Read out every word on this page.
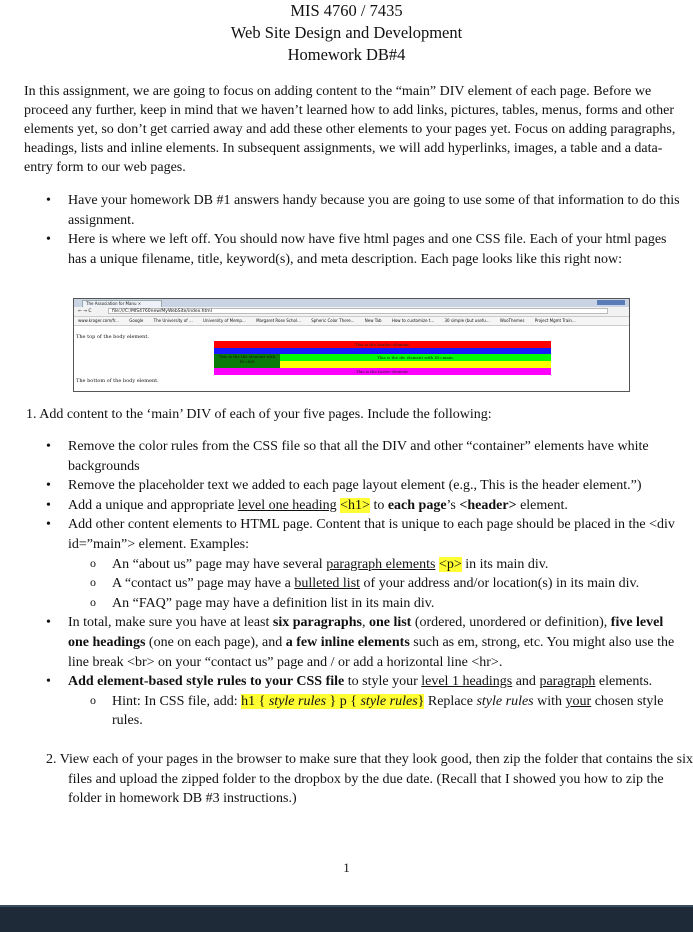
MIS 4760 / 7435
Web Site Design and Development
Homework DB#4

In this assignment, we are going to focus on adding content to the “main” DIV element of each page. Before we proceed any further, keep in mind that we haven’t learned how to add links, pictures, tables, menus, forms and other elements yet, so don’t get carried away and add these other elements to your pages yet. Focus on adding paragraphs, headings, lists and inline elements. In subsequent assignments, we will add hyperlinks, images, a table and a data-entry form to our web pages.

• Have your homework DB #1 answers handy because you are going to use some of that information to do this assignment.
• Here is where we left off. You should now have five html pages and one CSS file. Each of your html pages has a unique filename, title, keyword(s), and meta description. Each page looks like this right now:
The Association for Manu ×
← → C	file:///C:/MIS4760new/MyWebSite/index.html
www.kroger.com/fr...	Google	The University of ...	University of Memp...	Margaret Rose Schol...	Spheric Color There...	New Tab	How to customize t...	30 simple (but usefu...	WooThemes	Project Mgmt Train...
The top of the body element.
This is the header element.
This is the the element with ID=left
This is the div element with ID=main.
This is the footer element.
The bottom of the body element.

1. Add content to the ‘main’ DIV of each of your five pages. Include the following:

• Remove the color rules from the CSS file so that all the DIV and other “container” elements have white backgrounds
• Remove the placeholder text we added to each page layout element (e.g., This is the header element.”)
• Add a unique and appropriate level one heading <h1> to each page’s <header> element.
• Add other content elements to HTML page. Content that is unique to each page should be placed in the <div id=”main”> element. Examples:
o An “about us” page may have several paragraph elements <p> in its main div.
o A “contact us” page may have a bulleted list of your address and/or location(s) in its main div.
o An “FAQ” page may have a definition list in its main div.
• In total, make sure you have at least six paragraphs, one list (ordered, unordered or definition), five level one headings (one on each page), and a few inline elements such as em, strong, etc. You might also use the line break <br> on your “contact us” page and / or add a horizontal line <hr>.
• Add element-based style rules to your CSS file to style your level 1 headings and paragraph elements.
o Hint: In CSS file, add: h1 { style rules } p { style rules} Replace style rules with your chosen style rules.

2. View each of your pages in the browser to make sure that they look good, then zip the folder that contains the six files and upload the zipped folder to the dropbox by the due date. (Recall that I showed you how to zip the folder in homework DB #3 instructions.)

1
